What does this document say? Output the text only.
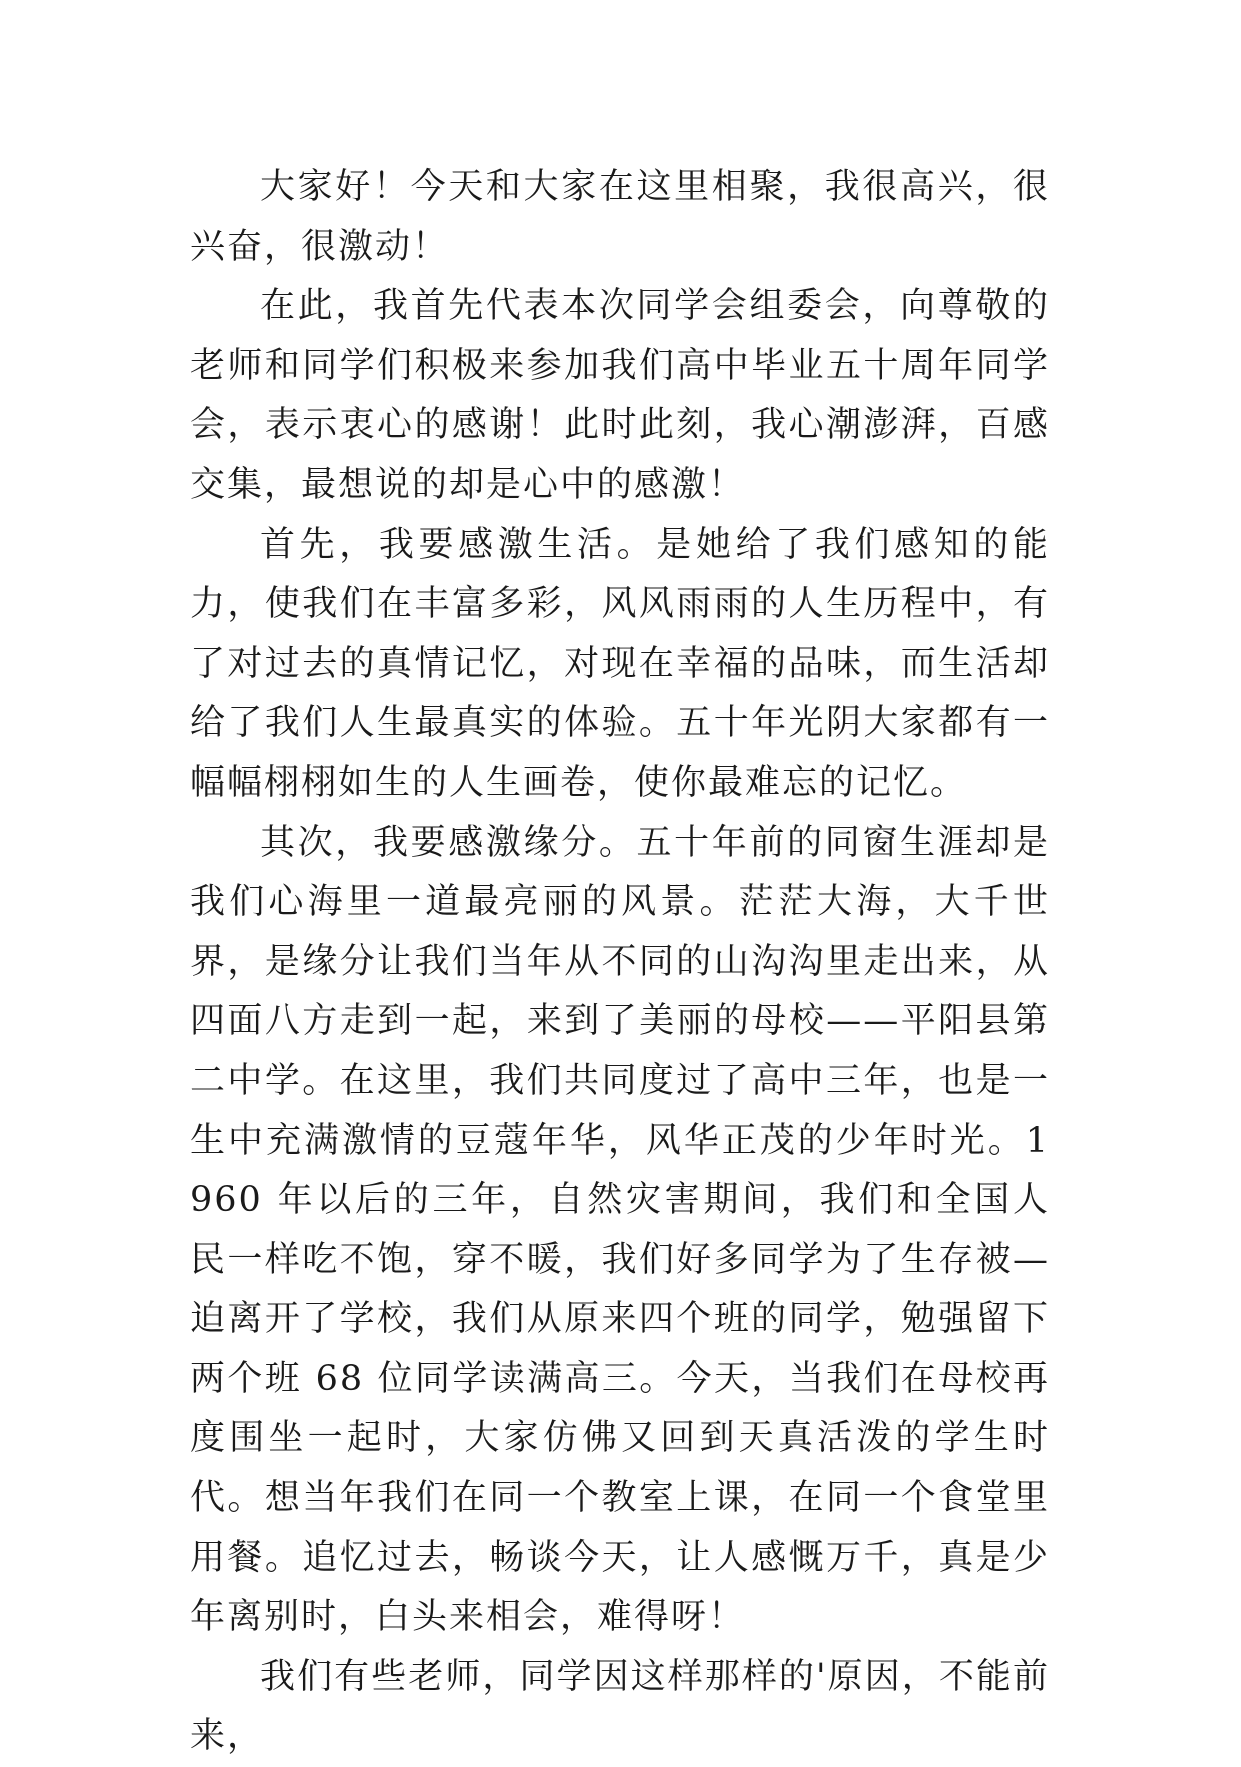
大家好！今天和大家在这里相聚，我很高兴，很兴奋，很激动！

在此，我首先代表本次同学会组委会，向尊敬的老师和同学们积极来参加我们高中毕业五十周年同学会，表示衷心的感谢！此时此刻，我心潮澎湃，百感交集，最想说的却是心中的感激！

首先，我要感激生活。是她给了我们感知的能力，使我们在丰富多彩，风风雨雨的人生历程中，有了对过去的真情记忆，对现在幸福的品味，而生活却给了我们人生最真实的体验。五十年光阴大家都有一幅幅栩栩如生的人生画卷，使你最难忘的记忆。

其次，我要感激缘分。五十年前的同窗生涯却是我们心海里一道最亮丽的风景。茫茫大海，大千世界，是缘分让我们当年从不同的山沟沟里走出来，从四面八方走到一起，来到了美丽的母校——平阳县第二中学。在这里，我们共同度过了高中三年，也是一生中充满激情的豆蔻年华，风华正茂的少年时光。1960 年以后的三年，自然灾害期间，我们和全国人民一样吃不饱，穿不暖，我们好多同学为了生存被—迫离开了学校，我们从原来四个班的同学，勉强留下两个班 68 位同学读满高三。今天，当我们在母校再度围坐一起时，大家仿佛又回到天真活泼的学生时代。想当年我们在同一个教室上课，在同一个食堂里用餐。追忆过去，畅谈今天，让人感慨万千，真是少年离别时，白头来相会，难得呀！

我们有些老师，同学因这样那样的'原因，不能前来，
